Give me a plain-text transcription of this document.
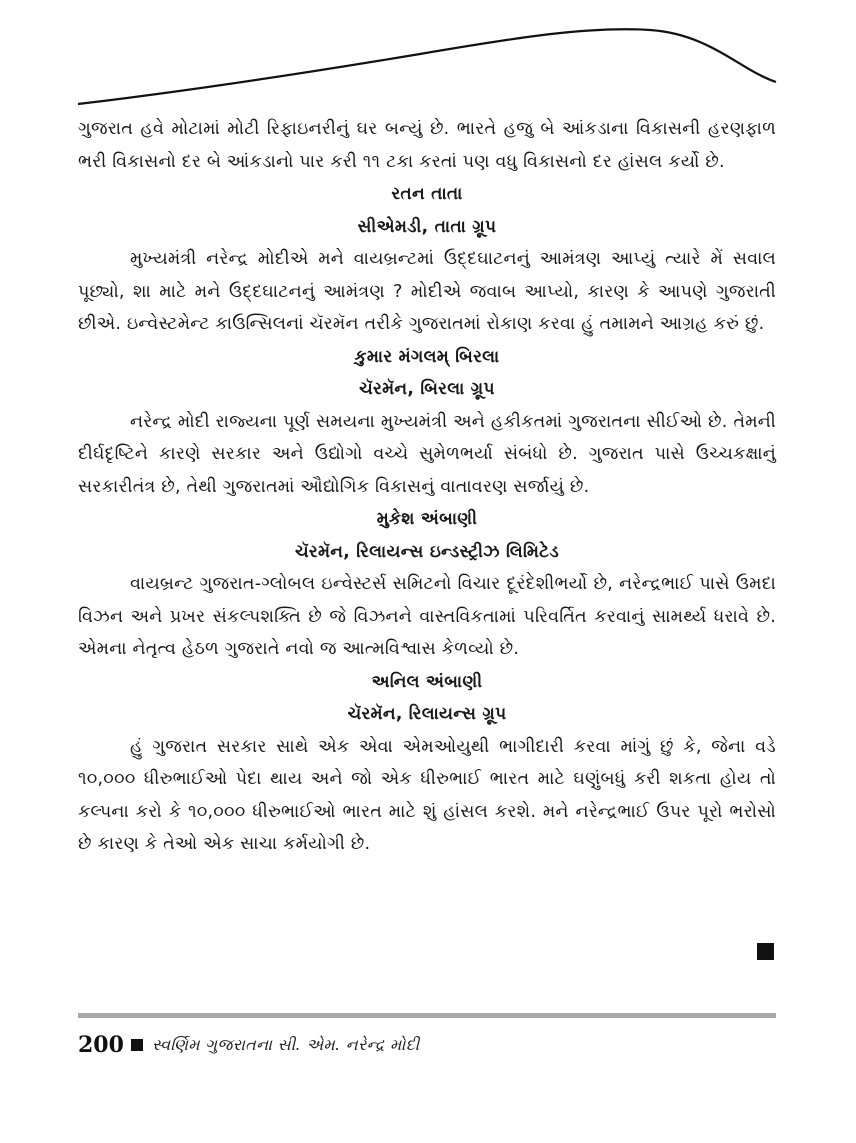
ગુજરાત હવે મોટામાં મોટી રિફાઇનરીનું ઘર બન્યું છે. ભારતે હજુ બે આંકડાના વિકાસની હરણફાળ ભરી વિકાસનો દર બે આંકડાનો પાર કરી ૧૧ ટકા કરતાં પણ વધુ વિકાસનો દર હાંસલ કર્યો છે.

રતન તાતા

સીએમડી, તાતા ગ્રૂપ

મુખ્યમંત્રી નરેન્દ્ર મોદીએ મને વાયબ્રન્ટમાં ઉદ્દઘાટનનું આમંત્રણ આપ્યું ત્યારે મેં સવાલ પૂછ્યો, શા માટે મને ઉદ્દઘાટનનું આમંત્રણ ? મોદીએ જવાબ આપ્યો, કારણ કે આપણે ગુજરાતી છીએ. ઇન્વેસ્ટમેન્ટ કાઉન્સિલનાં ચૅરમૅન તરીકે ગુજરાતમાં રોકાણ કરવા હું તમામને આગ્રહ કરું છું.

કુમાર મંગલમ્ બિરલા

ચૅરમૅન, બિરલા ગ્રૂપ

નરેન્દ્ર મોદી રાજ્યના પૂર્ણ સમયના મુખ્યમંત્રી અને હકીકતમાં ગુજરાતના સીઈઓ છે. તેમની દીર્ઘદૃષ્ટિને કારણે સરકાર અને ઉદ્યોગો વચ્ચે સુમેળભર્યા સંબંધો છે. ગુજરાત પાસે ઉચ્ચકક્ષાનું સરકારીતંત્ર છે, તેથી ગુજરાતમાં ઔદ્યોગિક વિકાસનું વાતાવરણ સર્જાયું છે.

મુકેશ અંબાણી

ચૅરમૅન, રિલાયન્સ ઇન્ડસ્ટ્રીઝ લિમિટેડ

વાયબ્રન્ટ ગુજરાત-ગ્લોબલ ઇન્વેસ્ટર્સ સમિટનો વિચાર દૂરંદેશીભર્યો છે, નરેન્દ્રભાઈ પાસે ઉમદા વિઝન અને પ્રખર સંકલ્પશક્તિ છે જે વિઝનને વાસ્તવિકતામાં પરિવર્તિત કરવાનું સામર્થ્ય ધરાવે છે. એમના નેતૃત્વ હેઠળ ગુજરાતે નવો જ આત્મવિશ્વાસ કેળવ્યો છે.

અનિલ અંબાણી

ચૅરમૅન, રિલાયન્સ ગ્રૂપ

હું ગુજરાત સરકાર સાથે એક એવા એમઓયુથી ભાગીદારી કરવા માંગું છું કે, જેના વડે ૧૦,૦૦૦ ધીરુભાઈઓ પેદા થાય અને જો એક ધીરુભાઈ ભારત માટે ઘણુંબધું કરી શકતા હોય તો કલ્પના કરો કે ૧૦,૦૦૦ ધીરુભાઈઓ ભારત માટે શું હાંસલ કરશે. મને નરેન્દ્રભાઈ ઉપર પૂરો ભરોસો છે કારણ કે તેઓ એક સાચા કર્મયોગી છે.

200 સ્વર્ણિમ ગુજરાતના સી. એમ. નરેન્દ્ર મોદી
